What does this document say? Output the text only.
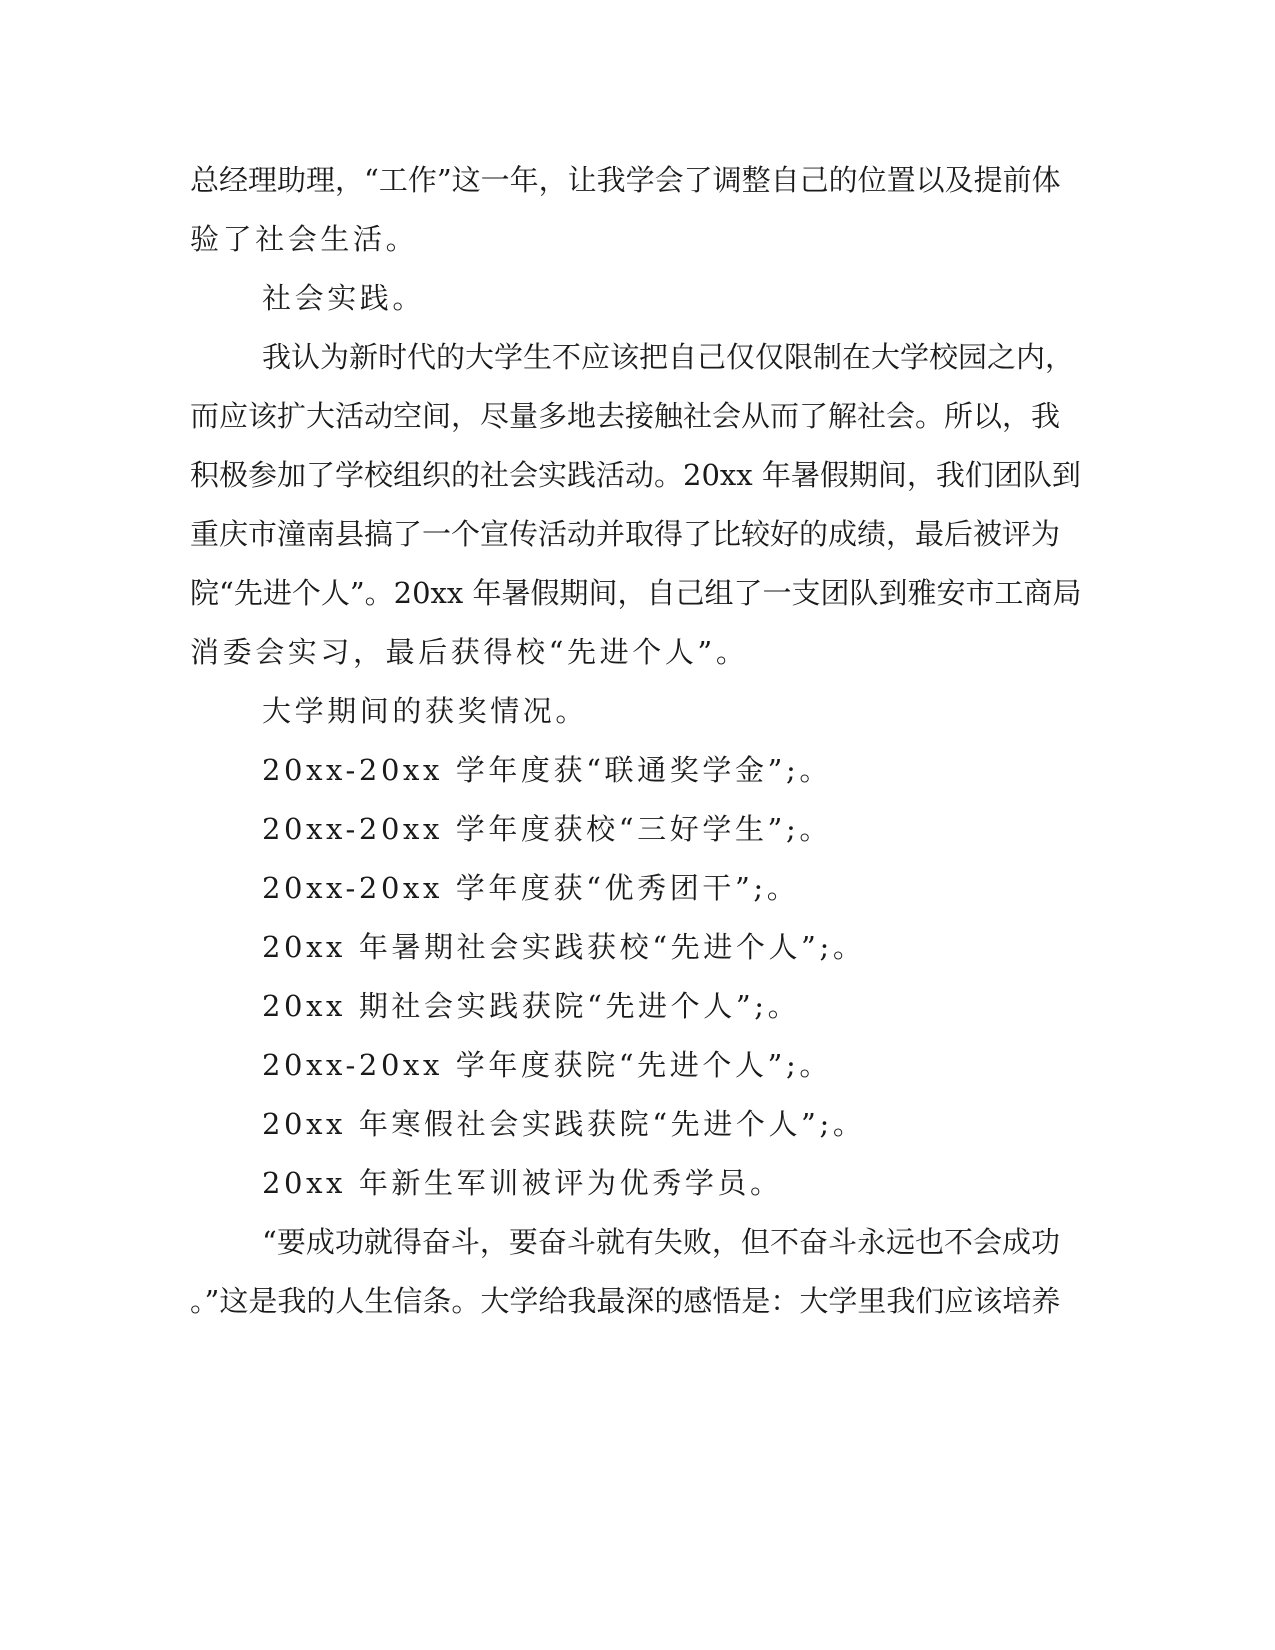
总经理助理，“工作”这一年，让我学会了调整自己的位置以及提前体
验了社会生活。
社会实践。
我认为新时代的大学生不应该把自己仅仅限制在大学校园之内，
而应该扩大活动空间，尽量多地去接触社会从而了解社会。所以，我
积极参加了学校组织的社会实践活动。20xx 年暑假期间，我们团队到
重庆市潼南县搞了一个宣传活动并取得了比较好的成绩，最后被评为
院“先进个人”。20xx 年暑假期间，自己组了一支团队到雅安市工商局
消委会实习，最后获得校“先进个人”。
大学期间的获奖情况。
20xx-20xx 学年度获“联通奖学金”;。
20xx-20xx 学年度获校“三好学生”;。
20xx-20xx 学年度获“优秀团干”;。
20xx 年暑期社会实践获校“先进个人”;。
20xx 期社会实践获院“先进个人”;。
20xx-20xx 学年度获院“先进个人”;。
20xx 年寒假社会实践获院“先进个人”;。
20xx 年新生军训被评为优秀学员。
“要成功就得奋斗，要奋斗就有失败，但不奋斗永远也不会成功
。”这是我的人生信条。大学给我最深的感悟是：大学里我们应该培养
